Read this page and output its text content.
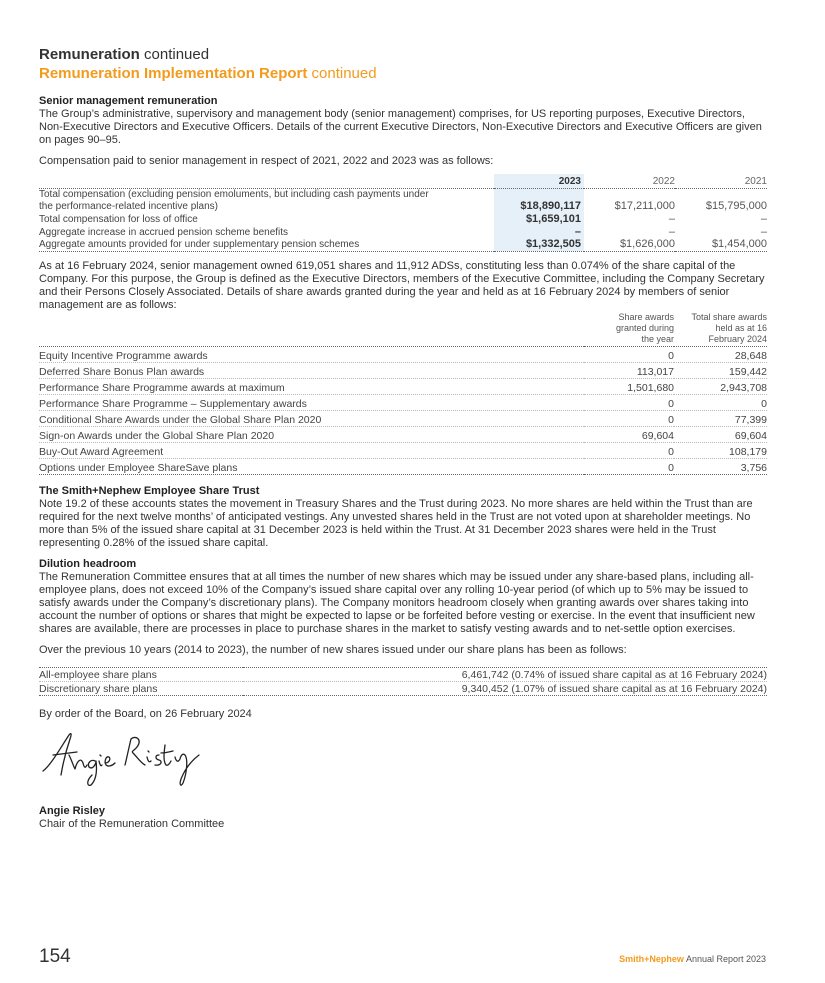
Remuneration continued
Remuneration Implementation Report continued
Senior management remuneration

The Group’s administrative, supervisory and management body (senior management) comprises, for US reporting purposes, Executive Directors, Non-Executive Directors and Executive Officers. Details of the current Executive Directors, Non-Executive Directors and Executive Officers are given on pages 90–95.

Compensation paid to senior management in respect of 2021, 2022 and 2023 was as follows:

	2023	2022	2021
Total compensation (excluding pension emoluments, but including cash payments under the performance-related incentive plans)	$18,890,117	$17,211,000	$15,795,000
Total compensation for loss of office	$1,659,101	–	–
Aggregate increase in accrued pension scheme benefits	–	–	–
Aggregate amounts provided for under supplementary pension schemes	$1,332,505	$1,626,000	$1,454,000

As at 16 February 2024, senior management owned 619,051 shares and 11,912 ADSs, constituting less than 0.074% of the share capital of the Company. For this purpose, the Group is defined as the Executive Directors, members of the Executive Committee, including the Company Secretary and their Persons Closely Associated. Details of share awards granted during the year and held as at 16 February 2024 by members of senior management are as follows:

	Share awards granted during the year	Total share awards held as at 16 February 2024

Equity Incentive Programme awards	0	28,648
Deferred Share Bonus Plan awards	113,017	159,442
Performance Share Programme awards at maximum	1,501,680	2,943,708
Performance Share Programme – Supplementary awards	0	0
Conditional Share Awards under the Global Share Plan 2020	0	77,399
Sign-on Awards under the Global Share Plan 2020	69,604	69,604
Buy-Out Award Agreement	0	108,179
Options under Employee ShareSave plans	0	3,756
The Smith+Nephew Employee Share Trust

Note 19.2 of these accounts states the movement in Treasury Shares and the Trust during 2023. No more shares are held within the Trust than are required for the next twelve months’ of anticipated vestings. Any unvested shares held in the Trust are not voted upon at shareholder meetings. No more than 5% of the issued share capital at 31 December 2023 is held within the Trust. At 31 December 2023 shares were held in the Trust representing 0.28% of the issued share capital.

Dilution headroom

The Remuneration Committee ensures that at all times the number of new shares which may be issued under any share-based plans, including all-employee plans, does not exceed 10% of the Company’s issued share capital over any rolling 10-year period (of which up to 5% may be issued to satisfy awards under the Company’s discretionary plans). The Company monitors headroom closely when granting awards over shares taking into account the number of options or shares that might be expected to lapse or be forfeited before vesting or exercise. In the event that insufficient new shares are available, there are processes in place to purchase shares in the market to satisfy vesting awards and to net-settle option exercises.

Over the previous 10 years (2014 to 2023), the number of new shares issued under our share plans has been as follows:

All-employee share plans	6,461,742 (0.74% of issued share capital as at 16 February 2024)
Discretionary share plans	9,340,452 (1.07% of issued share capital as at 16 February 2024)

By order of the Board, on 26 February 2024

Angie Risley

Chair of the Remuneration Committee

154	Smith+Nephew Annual Report 2023
